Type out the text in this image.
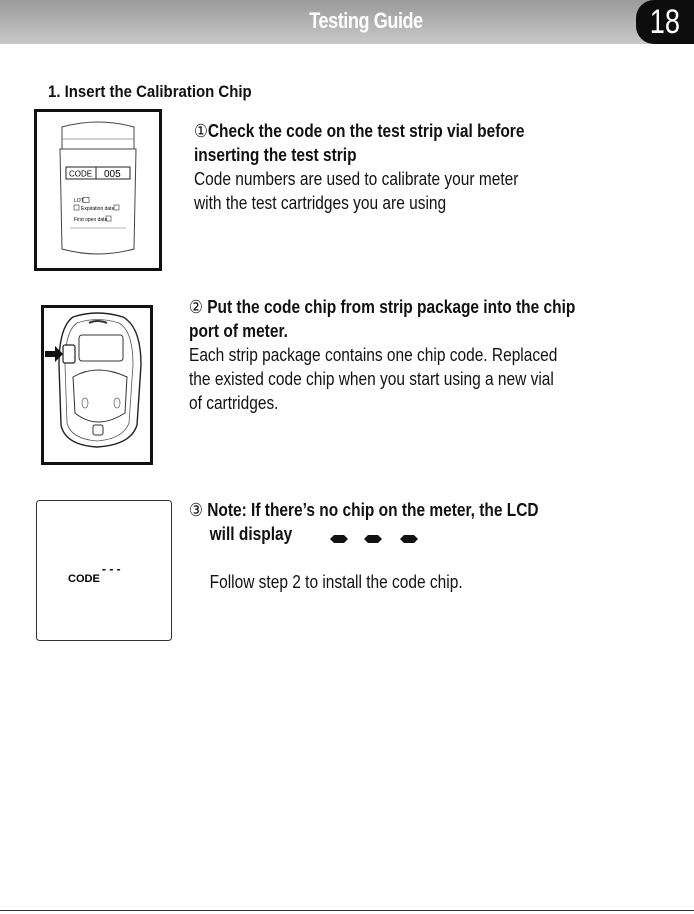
Testing Guide	18
1. Insert the Calibration Chip
CODE 005
LOT
Expiration date
First open date
①Check the code on the test strip vial before
inserting the test strip
Code numbers are used to calibrate your meter
with the test cartridges you are using
② Put the code chip from strip package into the chip
port of meter.
Each strip package contains one chip code. Replaced
the existed code chip when you start using a new vial
of cartridges.
CODE
- - -
③ Note: If there’s no chip on the meter, the LCD
will display
Follow step 2 to install the code chip.
